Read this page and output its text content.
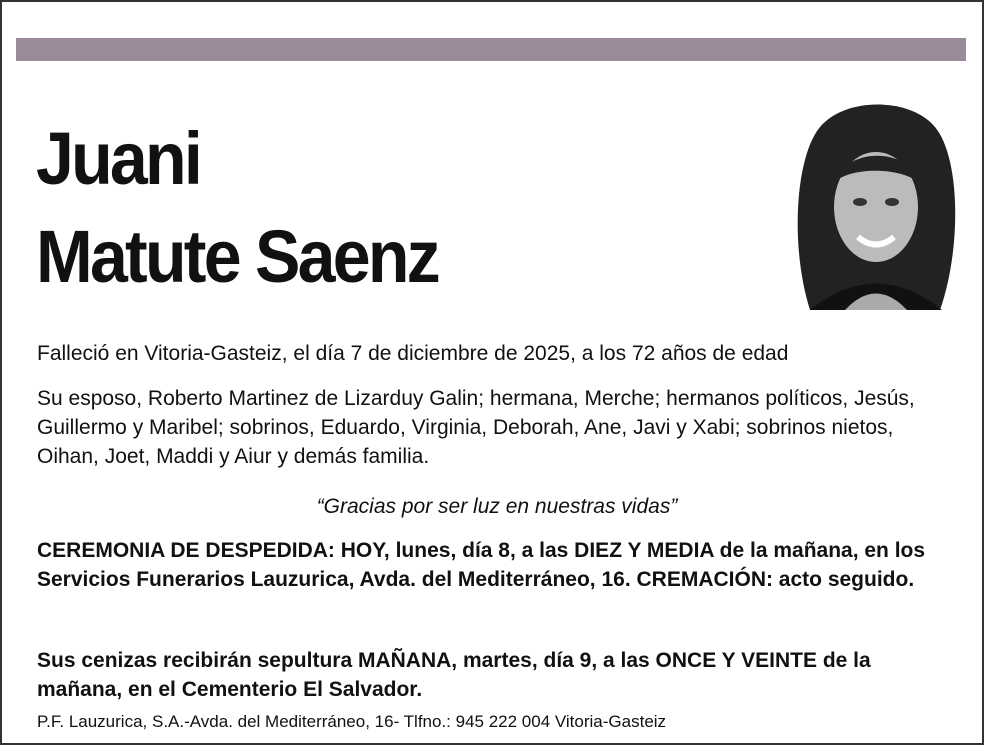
Juani
Matute Saenz

Falleció en Vitoria-Gasteiz, el día 7 de diciembre de 2025, a los 72 años de edad

Su esposo, Roberto Martinez de Lizarduy Galin; hermana, Merche; hermanos políticos, Jesús, Guillermo y Maribel; sobrinos, Eduardo, Virginia, Deborah, Ane, Javi y Xabi; sobrinos nietos, Oihan, Joet, Maddi y Aiur y demás familia.

“Gracias por ser luz en nuestras vidas”

CEREMONIA DE DESPEDIDA: HOY, lunes, día 8, a las DIEZ Y MEDIA de la mañana, en los Servicios Funerarios Lauzurica, Avda. del Mediterráneo, 16. CREMACIÓN: acto seguido.

Sus cenizas recibirán sepultura MAÑANA, martes, día 9, a las ONCE Y VEINTE de la mañana, en el Cementerio El Salvador.

P.F. Lauzurica, S.A.-Avda. del Mediterráneo, 16- Tlfno.: 945 222 004 Vitoria-Gasteiz
